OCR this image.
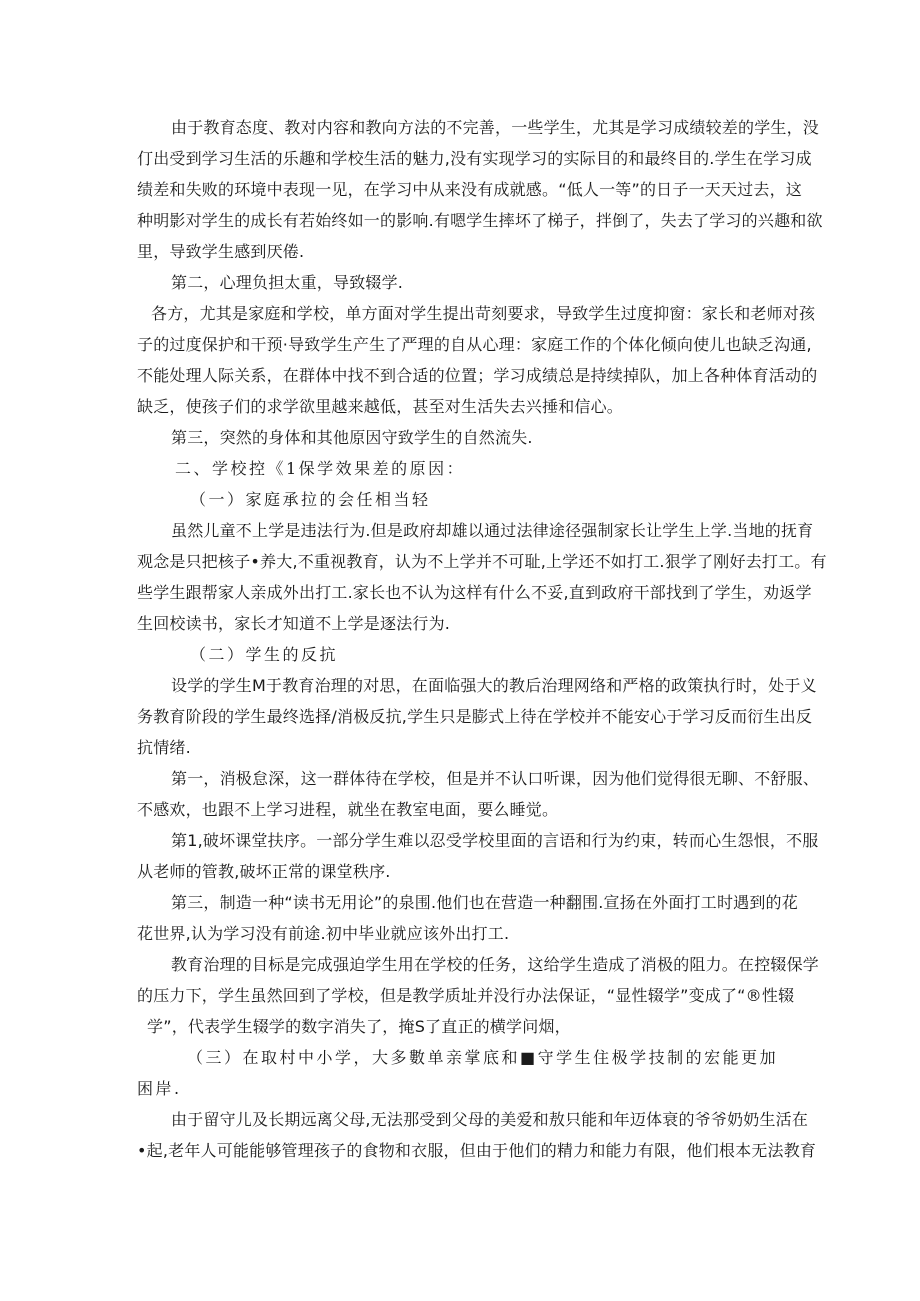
由于教育态度、教对内容和教向方法的不完善，一些学生，尤其是学习成绩较差的学生，没
仃出受到学习生活的乐趣和学校生活的魅力,没有实现学习的实际目的和最终目的.学生在学习成
绩差和失败的环境中表现一见，在学习中从来没有成就感。“低人一等”的日子一天天过去，这
种明影对学生的成长有若始终如一的影响.有嗯学生摔坏了梯子，拌倒了，失去了学习的兴趣和欲
里，导致学生感到厌倦.
第二，心理负担太重，导致辍学.
各方，尤其是家庭和学校，单方面对学生提出苛刻要求，导致学生过度抑窗：家长和老师对孩
子的过度保护和干预·导致学生产生了严理的自从心理：家庭工作的个体化倾向使儿也缺乏沟通,
不能处理人际关系，在群体中找不到合适的位置；学习成绩总是持续掉队，加上各种体育活动的
缺乏，使孩子们的求学欲里越来越低，甚至对生活失去兴捶和信心。
第三，突然的身体和其他原因守致学生的自然流失.
二、学校控《1保学效果差的原因：
（一）家庭承拉的会任相当轻
虽然儿童不上学是违法行为.但是政府却雄以通过法律途径强制家长让学生上学.当地的抚育
观念是只把核子•养大,不重视教育，认为不上学并不可耻,上学还不如打工.狠学了刚好去打工。有
些学生跟帮家人亲成外出打工.家长也不认为这样有什么不妥,直到政府干部找到了学生，劝返学
生回校读书，家长才知道不上学是逐法行为.
（二）学生的反抗
设学的学生M于教育治理的对思，在面临强大的教后治理网络和严格的政策执行时，处于义
务教育阶段的学生最终选择/消极反抗,学生只是膨式上待在学校并不能安心于学习反而衍生出反
抗情绪.
第一，消极怠深，这一群体待在学校，但是并不认口听课，因为他们觉得很无聊、不舒服、
不感欢，也跟不上学习进程，就坐在教室电面，要么睡觉。
第1,破坏课堂扶序。一部分学生难以忍受学校里面的言语和行为约束，转而心生怨恨，不服
从老师的管教,破坏正常的课堂秩序.
第三，制造一种“读书无用论”的泉围.他们也在营造一种翻围.宣扬在外面打工时遇到的花
花世界,认为学习没有前途.初中毕业就应该外出打工.
教育治理的目标是完成强迫学生用在学校的任务，这给学生造成了消极的阻力。在控辍保学
的压力下，学生虽然回到了学校，但是教学质址并没行办法保证，“显性辍学”变成了“®性辍
学”，代表学生辍学的数字消失了，掩S了直正的横学问烟，
（三）在取村中小学，大多數单亲掌底和■守学生住极学技制的宏能更加
困岸.
由于留守儿及长期远离父母,无法那受到父母的美爱和敖只能和年迈体衰的爷爷奶奶生活在
•起,老年人可能能够管理孩子的食物和衣服，但由于他们的精力和能力有限，他们根本无法教育
